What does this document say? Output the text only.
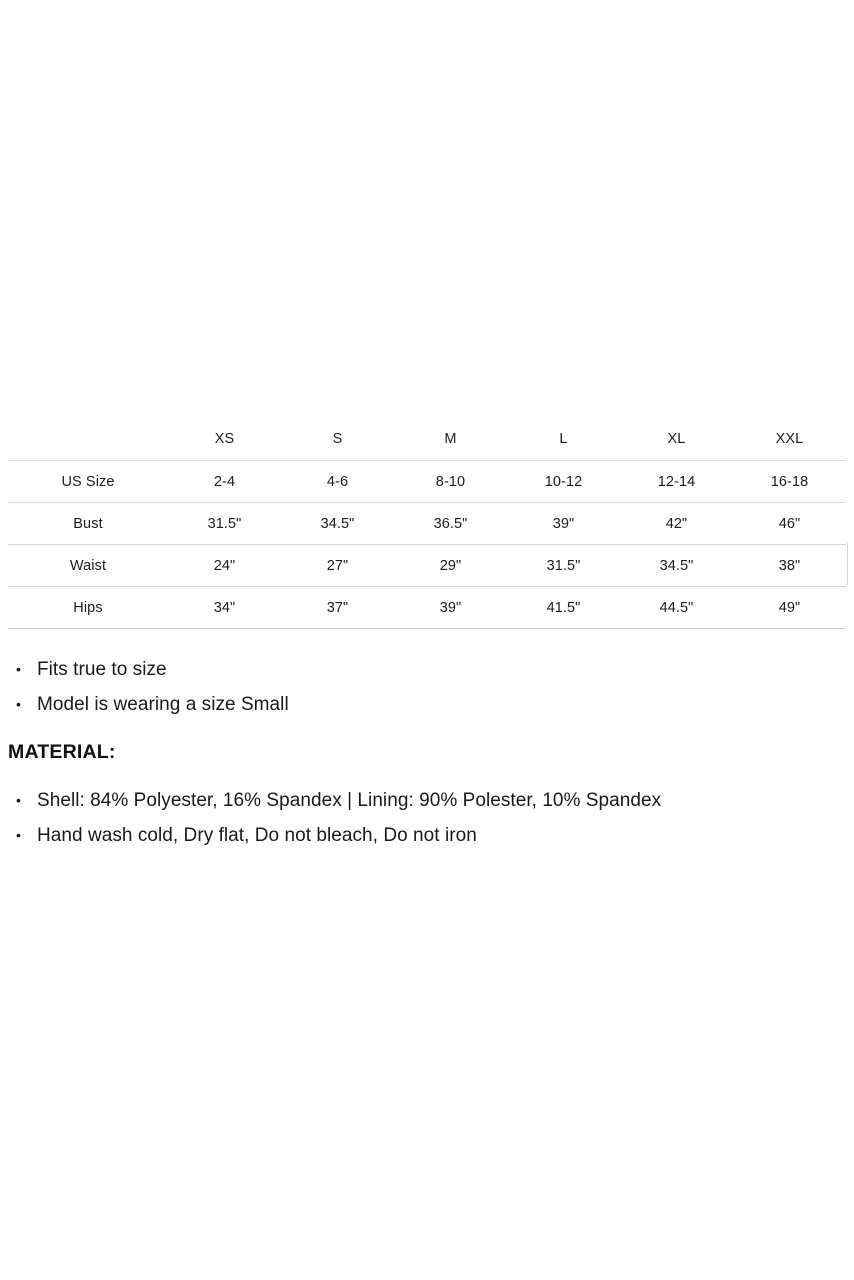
	XS	S	M	L	XL	XXL
US Size	2-4	4-6	8-10	10-12	12-14	16-18
Bust	31.5"	34.5"	36.5"	39"	42"	46"
Waist	24"	27"	29"	31.5"	34.5"	38"
Hips	34"	37"	39"	41.5"	44.5"	49"
• Fits true to size
• Model is wearing a size Small
MATERIAL:
• Shell: 84% Polyester, 16% Spandex | Lining: 90% Polester, 10% Spandex
• Hand wash cold, Dry flat, Do not bleach, Do not iron
